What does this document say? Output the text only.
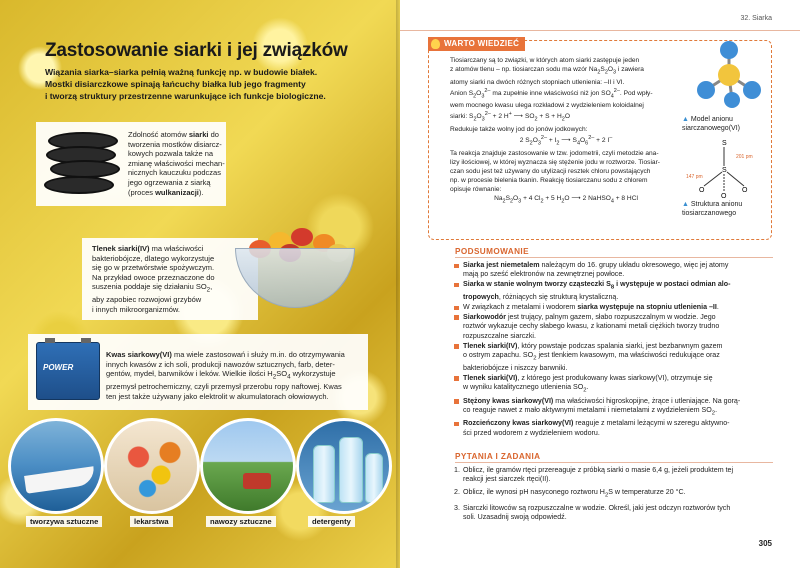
Zastosowanie siarki i jej związków
Wiązania siarka–siarka pełnią ważną funkcję np. w budowie białek.
Mostki disiarczkowe spinają łańcuchy białka lub jego fragmenty
i tworzą struktury przestrzenne warunkujące ich funkcje biologiczne.
Zdolność atomów siarki do
tworzenia mostków disiarcz-
kowych pozwala także na
zmianę właściwości mechan-
nicznych kauczuku podczas
jego ogrzewania z siarką
(proces wulkanizacji).
Tlenek siarki(IV) ma właściwości
bakteriobójcze, dlatego wykorzystuje
się go w przetwórstwie spożywczym.
Na przykład owoce przeznaczone do
suszenia poddaje się działaniu $SO_2$,
aby zapobiec rozwojowi grzybów
i innych mikroorganizmów.
POWER
Kwas siarkowy(VI) ma wiele zastosowań i służy m.in. do otrzymywania
innych kwasów z ich soli, produkcji nawozów sztucznych, farb, deter-
gentów, mydeł, barwników i leków. Wielkie ilości $H_2SO_4$ wykorzystuje
przemysł petrochemiczny, czyli przemysł przerobu ropy naftowej. Kwas
ten jest także używany jako elektrolit w akumulatorach ołowiowych.
tworzywa sztuczne	lekarstwa	nawozy sztuczne	detergenty
32. Siarka
WARTO WIEDZIEĆ
Tiosiarczany są to związki, w których atom siarki zastępuje jeden
z atomów tlenu – np. tiosiarczan sodu ma wzór $Na_2S_2O_3$ i zawiera
atomy siarki na dwóch różnych stopniach utlenienia: –II i VI.
Anion $S_2O_3^{2-}$ ma zupełnie inne właściwości niż jon $SO_4^{2-}$. Pod wpły-
wem mocnego kwasu ulega rozkładowi z wydzieleniem koloidalnej
siarki: $S_2O_3^{2-} + 2$ H+ ⟶ $SO_2 + S + H_2O$
Redukuje także wolny jod do jonów jodkowych:
2 $S_2O_3^{2-} + I_2$ ⟶ $S_4O_6^{2-} + 2$ I–
Ta reakcja znajduje zastosowanie w tzw. jodometrii, czyli metodzie ana-
lizy ilościowej, w której wyznacza się stężenie jodu w roztworze. Tiosiar-
czan sodu jest też używany do utylizacji resztek chloru powstających
np. w procesie bielenia tkanin. Reakcję tiosiarczanu sodu z chlorem
opisuje równanie:
$Na_2S_2O_3 + 4$ $Cl_2 + 5$ $H_2O$ ⟶ 2 NaHSO$_4$ + 8 HCl
▲ Model anionu
siarczanowego(VI)
S
S
O	O
O
201 pm
147 pm
▲ Struktura anionu
tiosiarczanowego
PODSUMOWANIE
Siarka jest niemetalem należącym do 16. grupy układu okresowego, więc jej atomy
mają po sześć elektronów na zewnętrznej powłoce.
Siarka w stanie wolnym tworzy cząsteczki $S_8$ i występuje w postaci odmian alo-
tropowych, różniących się strukturą krystaliczną.
W związkach z metalami i wodorem siarka występuje na stopniu utlenienia –II.
Siarkowodór jest trujący, palnym gazem, słabo rozpuszczalnym w wodzie. Jego
roztwór wykazuje cechy słabego kwasu, z kationami metali ciężkich tworzy trudno
rozpuszczalne siarczki.
Tlenek siarki(IV), który powstaje podczas spalania siarki, jest bezbarwnym gazem
o ostrym zapachu. $SO_2$ jest tlenkiem kwasowym, ma właściwości redukujące oraz
bakteriobójcze i niszczy barwniki.
Tlenek siarki(VI), z którego jest produkowany kwas siarkowy(VI), otrzymuje się
w wyniku katalitycznego utlenienia $SO_2$.
Stężony kwas siarkowy(VI) ma właściwości higroskopijne, żrące i utleniające. Na gorą-
co reaguje nawet z mało aktywnymi metalami i niemetalami z wydzieleniem $SO_2$.
Rozcieńczony kwas siarkowy(VI) reaguje z metalami leżącymi w szeregu aktywno-
ści przed wodorem z wydzieleniem wodoru.
PYTANIA I ZADANIA
1. Oblicz, ile gramów rtęci przereaguje z próbką siarki o masie 6,4 g, jeżeli produktem tej
reakcji jest siarczek rtęci(II).
2. Oblicz, ile wynosi pH nasyconego roztworu $H_2S$ w temperaturze 20 °C.
3. Siarczki litowców są rozpuszczalne w wodzie. Określ, jaki jest odczyn roztworów tych
soli. Uzasadnij swoją odpowiedź.
305
